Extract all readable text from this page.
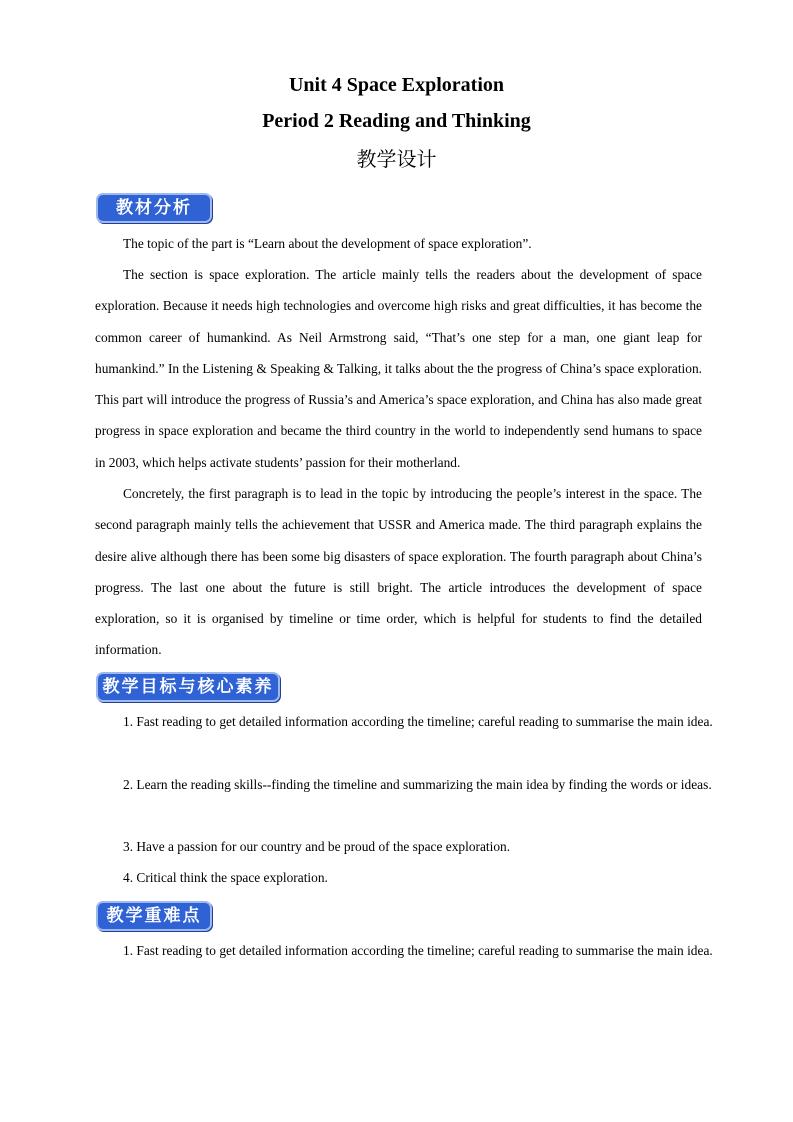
Unit 4 Space Exploration
Period 2 Reading and Thinking
教学设计
教材分析

The topic of the part is “Learn about the development of space exploration”.

The section is space exploration. The article mainly tells the readers about the development of space exploration. Because it needs high technologies and overcome high risks and great difficulties, it has become the common career of humankind. As Neil Armstrong said, “That’s one step for a man, one giant leap for humankind.” In the Listening & Speaking & Talking, it talks about the the progress of China’s space exploration. This part will introduce the progress of Russia’s and America’s space exploration, and China has also made great progress in space exploration and became the third country in the world to independently send humans to space in 2003, which helps activate students’ passion for their motherland.

Concretely, the first paragraph is to lead in the topic by introducing the people’s interest in the space. The second paragraph mainly tells the achievement that USSR and America made. The third paragraph explains the desire alive although there has been some big disasters of space exploration. The fourth paragraph about China’s progress. The last one about the future is still bright. The article introduces the development of space exploration, so it is organised by timeline or time order, which is helpful for students to find the detailed information.

教学目标与核心素养

1. Fast reading to get detailed information according the timeline; careful reading to summarise the main idea.

2. Learn the reading skills--finding the timeline and summarizing the main idea by finding the words or ideas.

3. Have a passion for our country and be proud of the space exploration.

4. Critical think the space exploration.

教学重难点

1. Fast reading to get detailed information according the timeline; careful reading to summarise the main idea.
